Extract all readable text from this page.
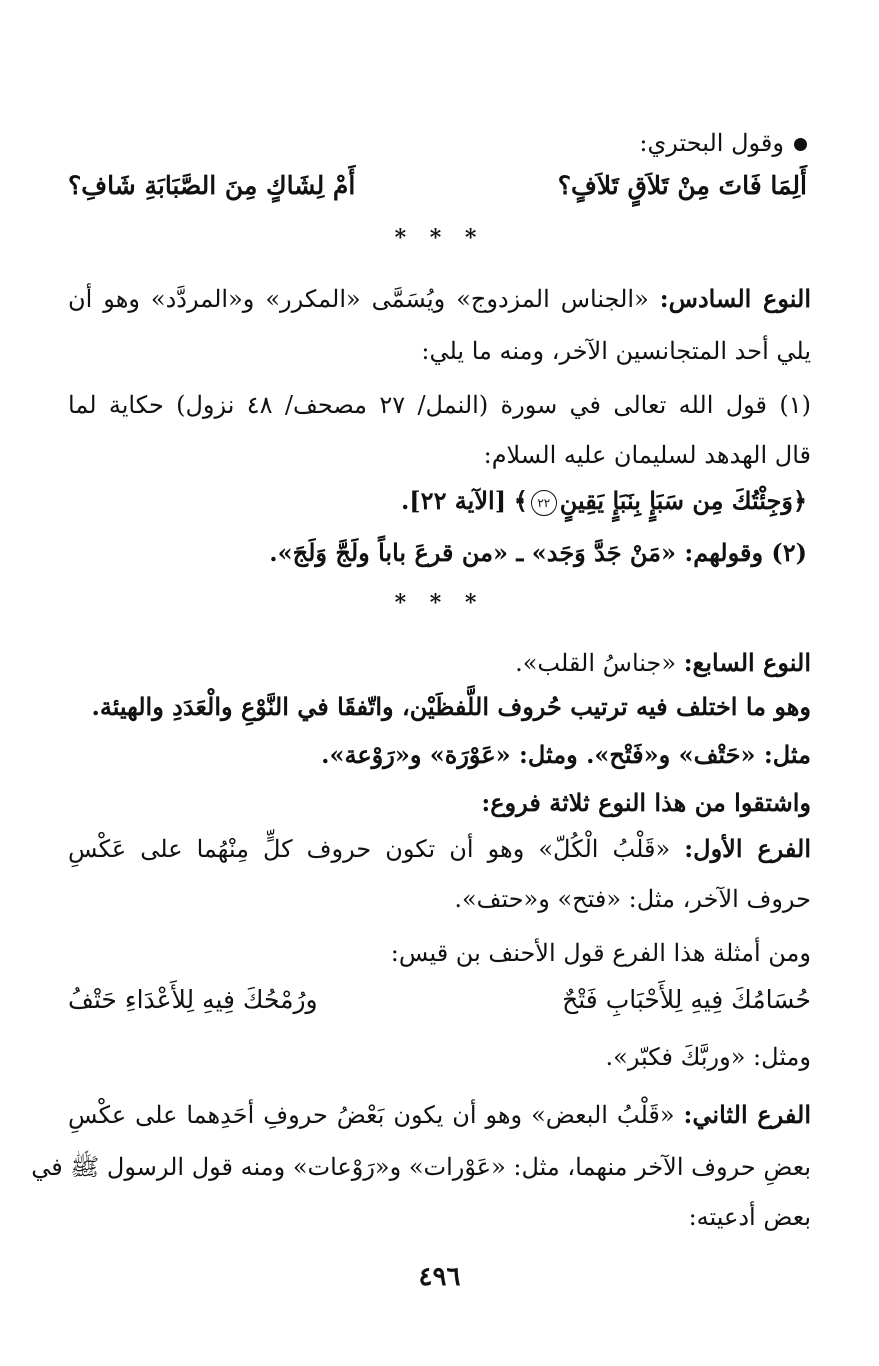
وقول البحتري:
أَلِمَا فَاتَ مِنْ تَلاَقٍ تَلاَفٍ؟
أَمْ لِشَاكٍ مِنَ الصَّبَابَةِ شَافِ؟
* * *
النوع السادس: «الجناس المزدوج» ويُسَمَّى «المكرر» و«المردَّد» وهو أن
يلي أحد المتجانسين الآخر، ومنه ما يلي:
(١) قول الله تعالى في سورة (النمل/ ٢٧ مصحف/ ٤٨ نزول) حكاية لما
قال الهدهد لسليمان عليه السلام:
﴿وَجِئْتُكَ مِن سَبَإٍ بِنَبَإٍ يَقِينٍ٢٢﴾ [الآية ٢٢].
(٢) وقولهم: «مَنْ جَدَّ وَجَد» ـ «من قرعَ باباً ولَجَّ وَلَجَ».
* * *
النوع السابع: «جناسُ القلب».
وهو ما اختلف فيه ترتيب حُروف اللَّفظَيْن، واتّفقَا في النَّوْعِ والْعَدَدِ والهيئة.
مثل: «حَتْف» و«فَتْح». ومثل: «عَوْرَة» و«رَوْعة».
واشتقوا من هذا النوع ثلاثة فروع:
الفرع الأول: «قَلْبُ الْكُلّ» وهو أن تكون حروف كلٍّ مِنْهُما على عَكْسِ
حروف الآخر، مثل: «فتح» و«حتف».
ومن أمثلة هذا الفرع قول الأحنف بن قيس:
حُسَامُكَ فِيهِ لِلأَحْبَابِ فَتْحٌ
ورُمْحُكَ فِيهِ لِلأَعْدَاءِ حَتْفُ
ومثل: «وربَّكَ فكبّر».
الفرع الثاني: «قَلْبُ البعض» وهو أن يكون بَعْضُ حروفِ أحَدِهما على عكْسِ
بعضِ حروف الآخر منهما، مثل: «عَوْرات» و«رَوْعات» ومنه قول الرسول ﷺ في
بعض أدعيته:
٤٩٦
